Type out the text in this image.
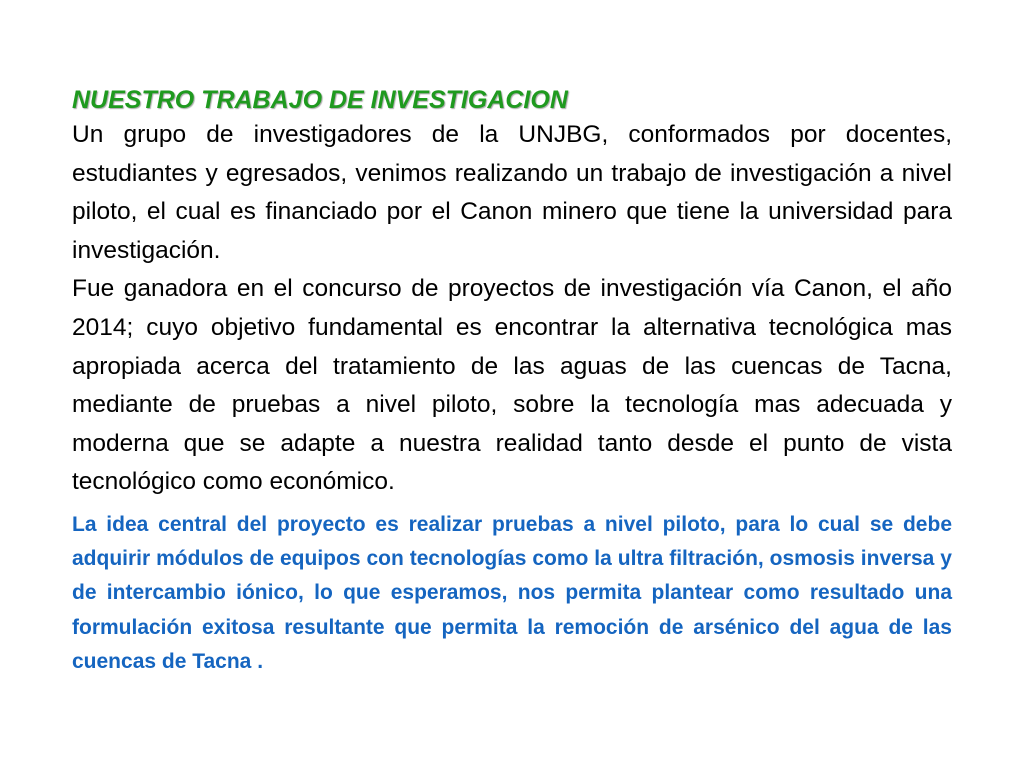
NUESTRO TRABAJO DE INVESTIGACION

Un grupo de investigadores de la UNJBG, conformados por docentes, estudiantes y egresados, venimos realizando un trabajo de investigación a nivel piloto, el cual es financiado por el Canon minero que tiene la universidad para investigación.

Fue ganadora en el concurso de proyectos de investigación vía Canon, el año 2014; cuyo objetivo fundamental es encontrar la alternativa tecnológica mas apropiada acerca del tratamiento de las aguas de las cuencas de Tacna, mediante de pruebas a nivel piloto, sobre la tecnología mas adecuada y moderna que se adapte a nuestra realidad tanto desde el punto de vista tecnológico como económico.

La idea central del proyecto es realizar pruebas a nivel piloto, para lo cual se debe adquirir módulos de equipos con tecnologías como la ultra filtración, osmosis inversa y de intercambio iónico, lo que esperamos, nos permita plantear como resultado una formulación exitosa resultante que permita la remoción de arsénico del agua de las cuencas de Tacna .
